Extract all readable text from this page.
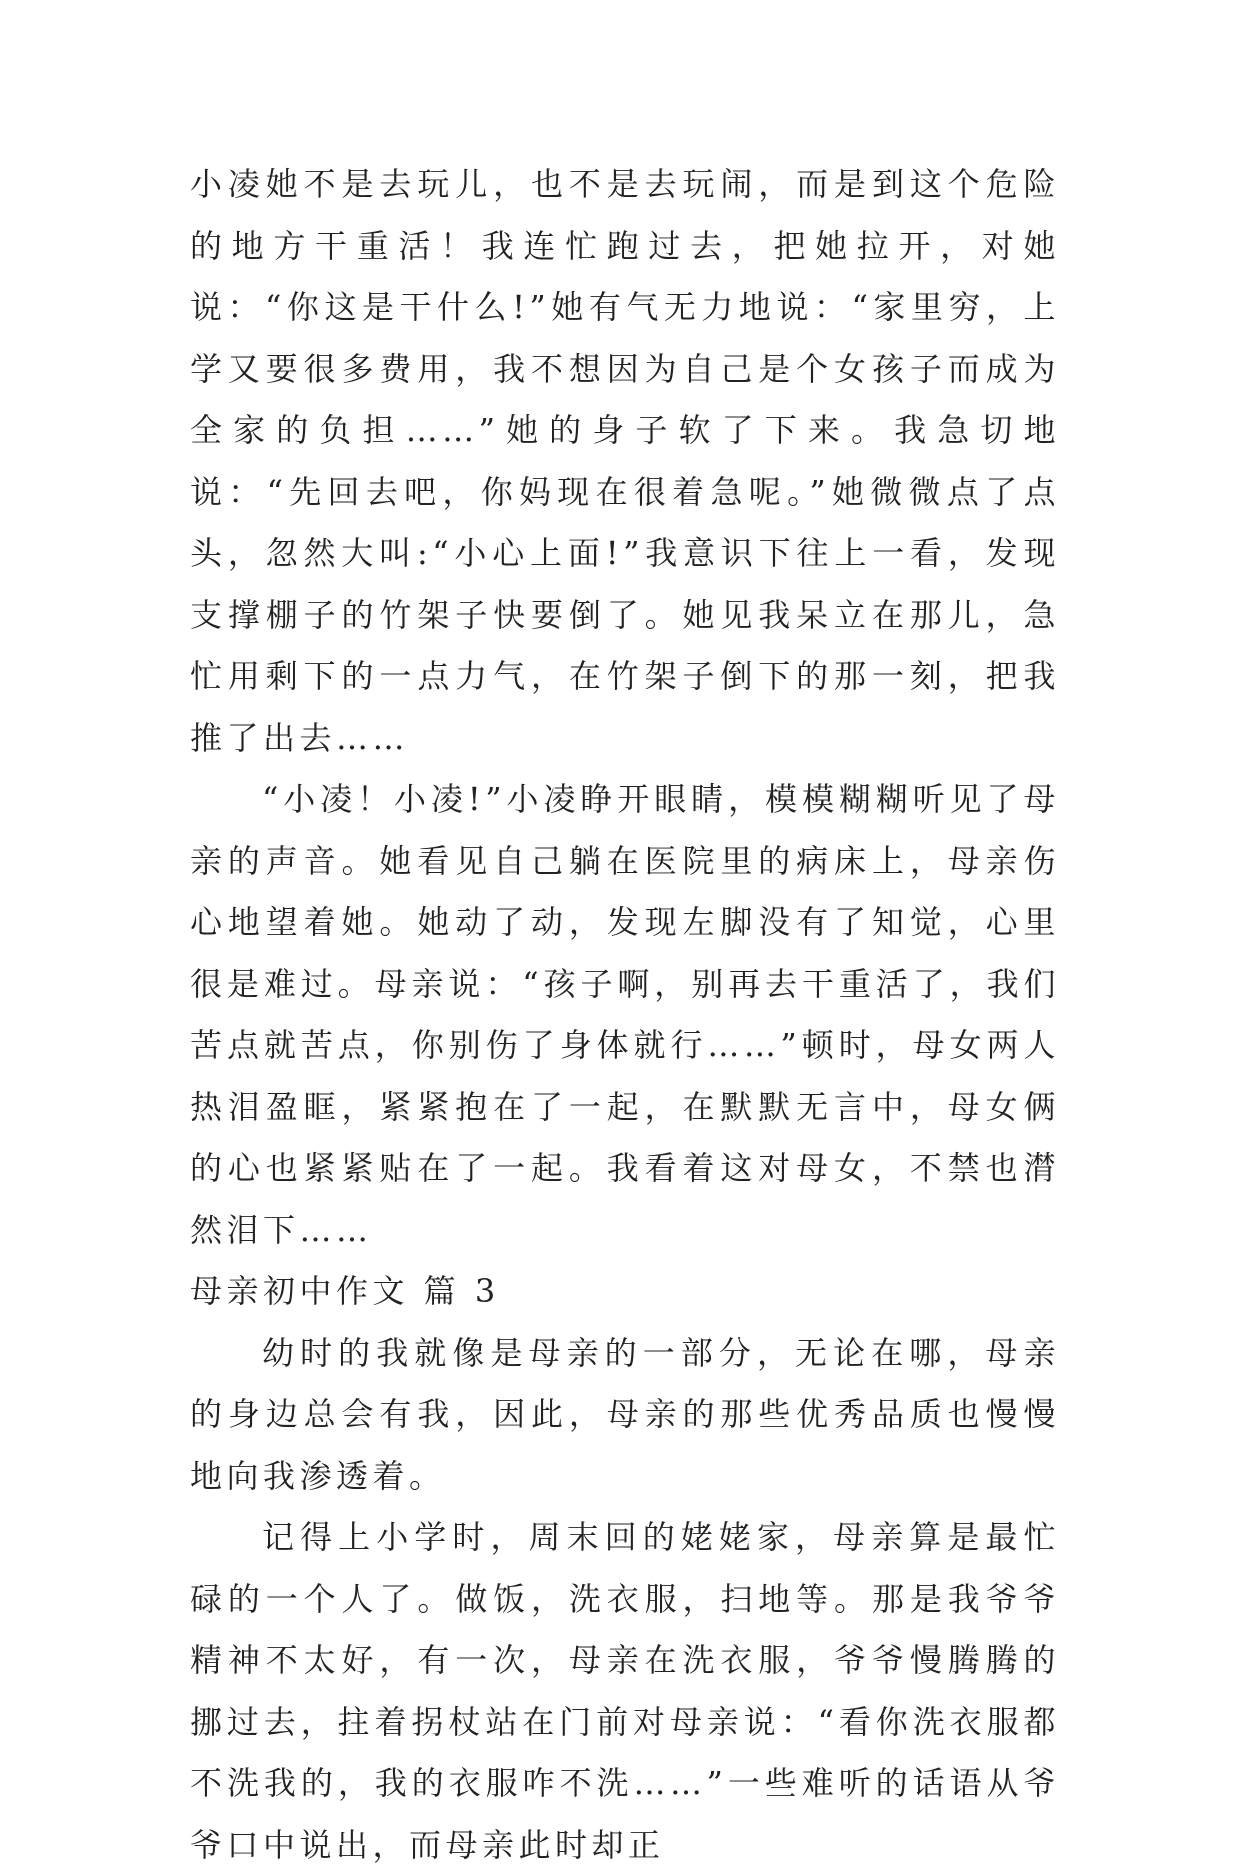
小凌她不是去玩儿，也不是去玩闹，而是到这个危险的地方干重活！我连忙跑过去，把她拉开，对她说：“你这是干什么!”她有气无力地说：“家里穷，上学又要很多费用，我不想因为自己是个女孩子而成为全家的负担……”她的身子软了下来。我急切地说：“先回去吧，你妈现在很着急呢。”她微微点了点头，忽然大叫:“小心上面!”我意识下往上一看，发现支撑棚子的竹架子快要倒了。她见我呆立在那儿，急忙用剩下的一点力气，在竹架子倒下的那一刻，把我推了出去……

“小凌！小凌!”小凌睁开眼睛，模模糊糊听见了母亲的声音。她看见自己躺在医院里的病床上，母亲伤心地望着她。她动了动，发现左脚没有了知觉，心里很是难过。母亲说：“孩子啊，别再去干重活了，我们苦点就苦点，你别伤了身体就行……”顿时，母女两人热泪盈眶，紧紧抱在了一起，在默默无言中，母女俩的心也紧紧贴在了一起。我看着这对母女，不禁也潸然泪下……

母亲初中作文 篇 3

幼时的我就像是母亲的一部分，无论在哪，母亲的身边总会有我，因此，母亲的那些优秀品质也慢慢地向我渗透着。

记得上小学时，周末回的姥姥家，母亲算是最忙碌的一个人了。做饭，洗衣服，扫地等。那是我爷爷精神不太好，有一次，母亲在洗衣服，爷爷慢腾腾的挪过去，拄着拐杖站在门前对母亲说：“看你洗衣服都不洗我的，我的衣服咋不洗……”一些难听的话语从爷爷口中说出，而母亲此时却正
